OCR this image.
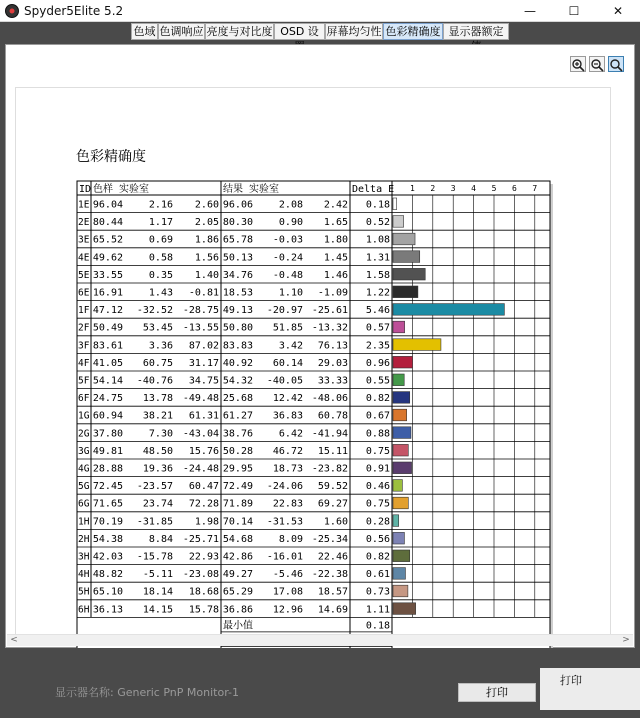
Spyder5Elite 5.2	—	☐	✕
色域 色调响应 亮度与对比度 OSD 设 屏幕均匀性 色彩精确度 显示器额定
色彩精确度
ID 色样 实验室	结果 实验室	Delta E 1 2 3 4 5 6 7
1E 96.04	2.16 2.60 96.06	2.08 2.42 0.18
2E 80.44	1.17 2.05 80.30	0.90 1.65 0.52
3E 65.52	0.69 1.86 65.78 -0.03 1.80 1.08
4E 49.62	0.58 1.56 50.13 -0.24 1.45 1.31
5E 33.55	0.35 1.40 34.76 -0.48 1.46 1.58
6E 16.91	1.43 -0.81 18.53	1.10 -1.09 1.22
1F 47.12 -32.52 -28.75 49.13 -20.97 -25.61 5.46
2F 50.49 53.45 -13.55 50.80 51.85 -13.32 0.57
3F 83.61	3.36 87.02 83.83	3.42 76.13 2.35
4F 41.05 60.75 31.17 40.92 60.14 29.03 0.96
5F 54.14 -40.76 34.75 54.32 -40.05 33.33 0.55
6F 24.75 13.78 -49.48 25.68 12.42 -48.06 0.82
1G 60.94 38.21 61.31 61.27 36.83 60.78 0.67
2G 37.80	7.30 -43.04 38.76	6.42 -41.94 0.88
3G 49.81 48.50 15.76 50.28 46.72 15.11 0.75
4G 28.88 19.36 -24.48 29.95 18.73 -23.82 0.91
5G 72.45 -23.57 60.47 72.49 -24.06 59.52 0.46
6G 71.65 23.74 72.28 71.89 22.83 69.27 0.75
1H 70.19 -31.85 1.98 70.14 -31.53 1.60 0.28
2H 54.38	8.84 -25.71 54.68	8.09 -25.34 0.56
3H 42.03 -15.78 22.93 42.86 -16.01 22.46 0.82
4H 48.82 -5.11 -23.08 49.27 -5.46 -22.38 0.61
5H 65.10 18.14 18.68 65.29 17.08 18.57 0.73
6H 36.13 14.15 15.78 36.86 12.96 14.69 1.11
最小值	0.18
<	>
显示器名称: Generic PnP Monitor-1
打印
打印
